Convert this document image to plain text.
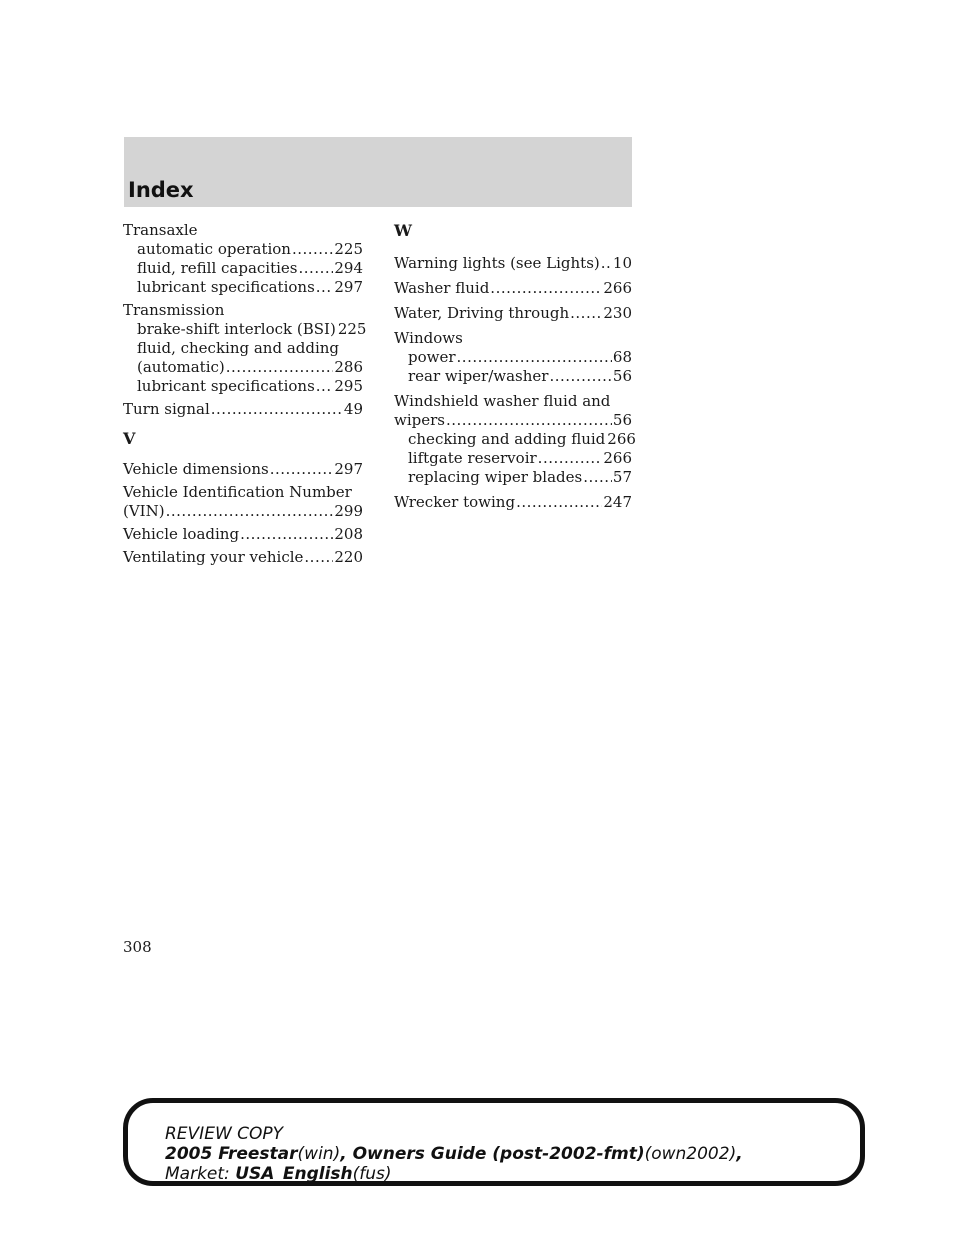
Index
Transaxle
automatic operation .....	225
fluid, refill capacities ..... 294
lubricant specifications ..... 297
Transmission
brake-shift interlock (BSI) 225
fluid, checking and adding
(automatic) .....	286
lubricant specifications ..... 295
Turn signal .....	49
V
Vehicle dimensions .....	297
Vehicle Identification Number
(VIN) .....	299
Vehicle loading .....	208
Ventilating your vehicle ..... 220
W
Warning lights (see Lights) ..... 10
Washer fluid .....	266
Water, Driving through ..... 230
Windows
power .....	68
rear wiper/washer .....	56
Windshield washer fluid and
wipers .....	56
checking and adding fluid 266
liftgate reservoir .....	266
replacing wiper blades ..... 57
Wrecker towing .....	247
308
REVIEW COPY
2005 Freestar(win), Owners Guide (post-2002-fmt)(own2002),
Market: USA_English(fus)
